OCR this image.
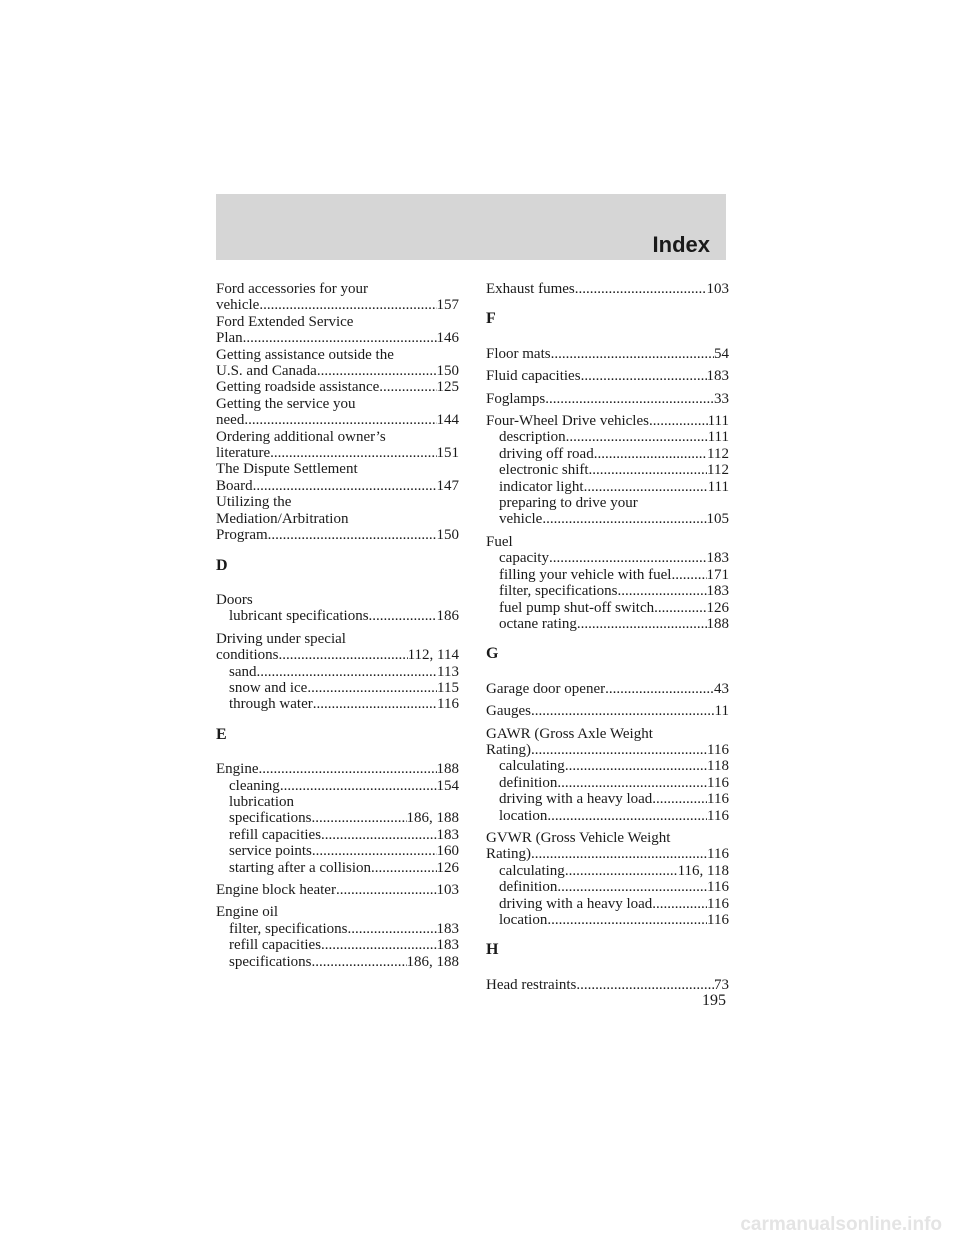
Index
Ford accessories for your
vehicle .....	157
Ford Extended Service
Plan .....	146
Getting assistance outside the
U.S. and Canada .....	150
Getting roadside assistance .....	125
Getting the service you
need .....	144
Ordering additional owner’s
literature .....	151
The Dispute Settlement
Board .....	147
Utilizing the
Mediation/Arbitration
Program .....	150
D
Doors
lubricant specifications .....	186
Driving under special
conditions .....	112, 114
sand .....	113
snow and ice .....	115
through water .....	116
E
Engine .....	188
cleaning .....	154
lubrication
specifications .....	186, 188
refill capacities .....	183
service points .....	160
starting after a collision .....	126
Engine block heater .....	103
Engine oil
filter, specifications .....	183
refill capacities .....	183
specifications .....	186, 188
Exhaust fumes .....	103
F
Floor mats .....	54
Fluid capacities .....	183
Foglamps .....	33
Four-Wheel Drive vehicles .....	111
description .....	111
driving off road .....	112
electronic shift .....	112
indicator light .....	111
preparing to drive your
vehicle .....	105
Fuel
capacity .....	183
filling your vehicle with fuel ..... 171
filter, specifications .....	183
fuel pump shut-off switch .....	126
octane rating .....	188
G
Garage door opener .....	43
Gauges .....	11
GAWR (Gross Axle Weight
Rating) .....	116
calculating .....	118
definition .....	116
driving with a heavy load .....	116
location .....	116
GVWR (Gross Vehicle Weight
Rating) .....	116
calculating .....	116, 118
definition .....	116
driving with a heavy load .....	116
location .....	116
H
Head restraints .....	73
195
carmanualsonline.info
